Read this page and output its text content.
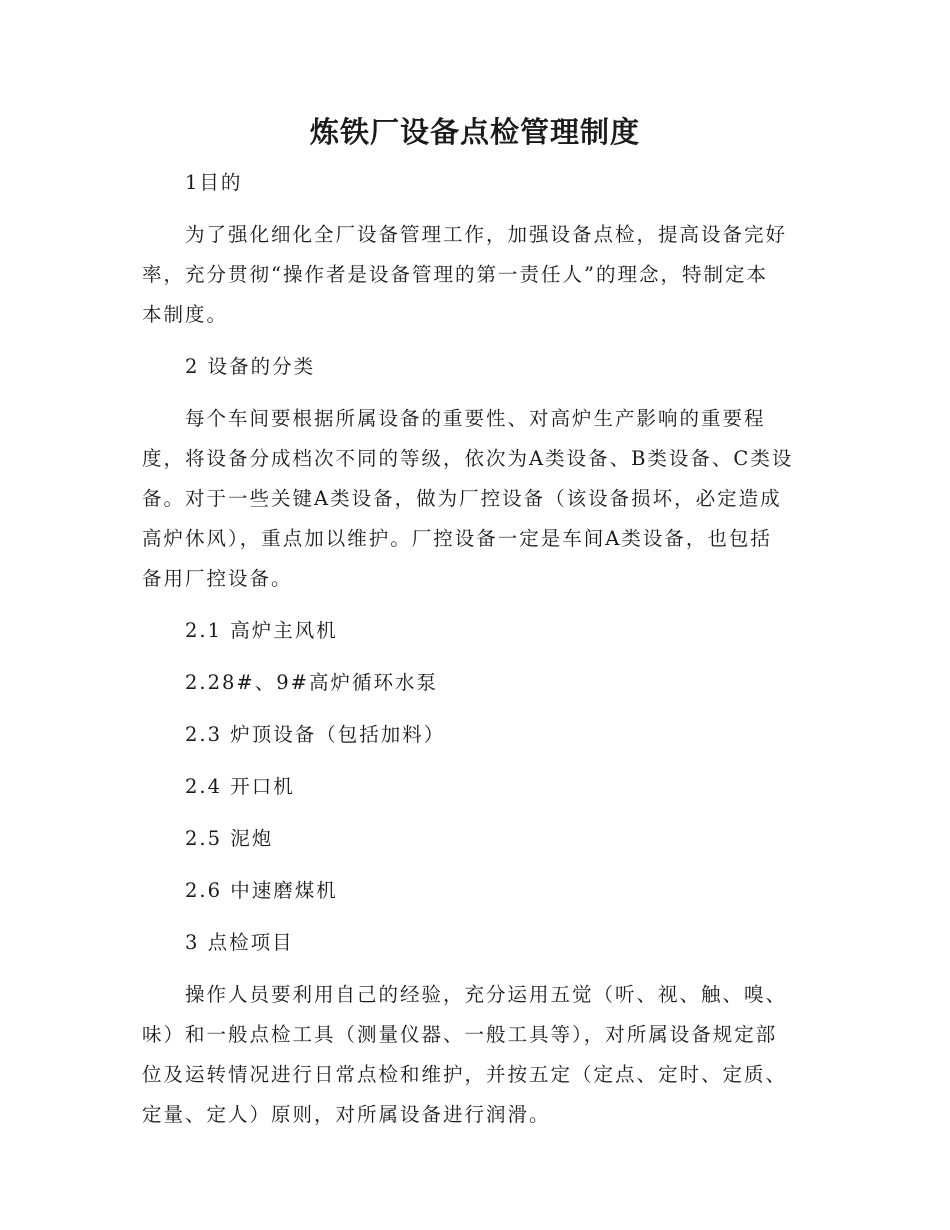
炼铁厂设备点检管理制度

1目的

为了强化细化全厂设备管理工作，加强设备点检，提高设备完好
率，充分贯彻“操作者是设备管理的第一责任人”的理念，特制定本
本制度。

2 设备的分类

每个车间要根据所属设备的重要性、对高炉生产影响的重要程
度，将设备分成档次不同的等级，依次为A类设备、B类设备、C类设
备。对于一些关键A类设备，做为厂控设备（该设备损坏，必定造成
高炉休风），重点加以维护。厂控设备一定是车间A类设备，也包括
备用厂控设备。

2.1 高炉主风机

2.28#、9#高炉循环水泵

2.3 炉顶设备（包括加料）

2.4 开口机

2.5 泥炮

2.6 中速磨煤机

3 点检项目

操作人员要利用自己的经验，充分运用五觉（听、视、触、嗅、
味）和一般点检工具（测量仪器、一般工具等），对所属设备规定部
位及运转情况进行日常点检和维护，并按五定（定点、定时、定质、
定量、定人）原则，对所属设备进行润滑。
